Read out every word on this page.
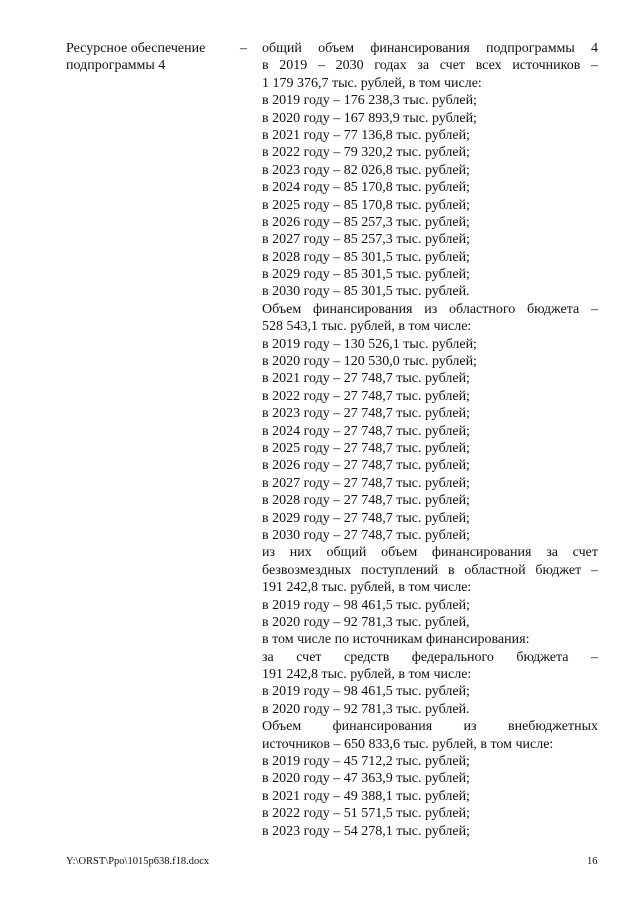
Ресурсное обеспечение подпрограммы 4
– общий объем финансирования подпрограммы 4
в 2019 – 2030 годах за счет всех источников –
1 179 376,7 тыс. рублей, в том числе:
в 2019 году – 176 238,3 тыс. рублей;
в 2020 году – 167 893,9 тыс. рублей;
в 2021 году – 77 136,8 тыс. рублей;
в 2022 году – 79 320,2 тыс. рублей;
в 2023 году – 82 026,8 тыс. рублей;
в 2024 году – 85 170,8 тыс. рублей;
в 2025 году – 85 170,8 тыс. рублей;
в 2026 году – 85 257,3 тыс. рублей;
в 2027 году – 85 257,3 тыс. рублей;
в 2028 году – 85 301,5 тыс. рублей;
в 2029 году – 85 301,5 тыс. рублей;
в 2030 году – 85 301,5 тыс. рублей.
Объем финансирования из областного бюджета –
528 543,1 тыс. рублей, в том числе:
в 2019 году – 130 526,1 тыс. рублей;
в 2020 году – 120 530,0 тыс. рублей;
в 2021 году – 27 748,7 тыс. рублей;
в 2022 году – 27 748,7 тыс. рублей;
в 2023 году – 27 748,7 тыс. рублей;
в 2024 году – 27 748,7 тыс. рублей;
в 2025 году – 27 748,7 тыс. рублей;
в 2026 году – 27 748,7 тыс. рублей;
в 2027 году – 27 748,7 тыс. рублей;
в 2028 году – 27 748,7 тыс. рублей;
в 2029 году – 27 748,7 тыс. рублей;
в 2030 году – 27 748,7 тыс. рублей;
из них общий объем финансирования за счет
безвозмездных поступлений в областной бюджет –
191 242,8 тыс. рублей, в том числе:
в 2019 году – 98 461,5 тыс. рублей;
в 2020 году – 92 781,3 тыс. рублей,
в том числе по источникам финансирования:
за счет средств федерального бюджета –
191 242,8 тыс. рублей, в том числе:
в 2019 году – 98 461,5 тыс. рублей;
в 2020 году – 92 781,3 тыс. рублей.
Объем финансирования из внебюджетных
источников – 650 833,6 тыс. рублей, в том числе:
в 2019 году – 45 712,2 тыс. рублей;
в 2020 году – 47 363,9 тыс. рублей;
в 2021 году – 49 388,1 тыс. рублей;
в 2022 году – 51 571,5 тыс. рублей;
в 2023 году – 54 278,1 тыс. рублей;
Y:\ORST\Ppo\1015p638.f18.docx	16
